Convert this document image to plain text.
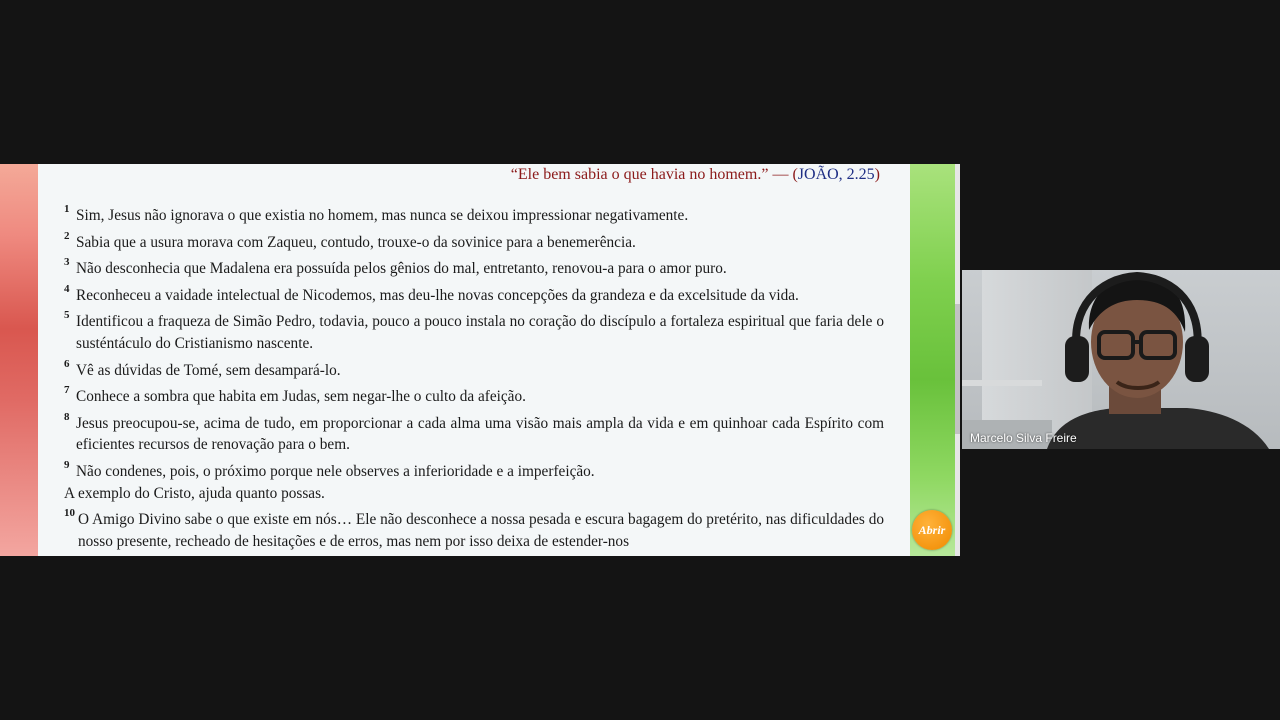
“Ele bem sabia o que havia no homem.” — (JOÃO, 2.25)
1 Sim, Jesus não ignorava o que existia no homem, mas nunca se deixou impressionar negativamente.
2 Sabia que a usura morava com Zaqueu, contudo, trouxe-o da sovinice para a benemerência.
3 Não desconhecia que Madalena era possuída pelos gênios do mal, entretanto, renovou-a para o amor puro.
4 Reconheceu a vaidade intelectual de Nicodemos, mas deu-lhe novas concepções da grandeza e da excelsitude da vida.
5 Identificou a fraqueza de Simão Pedro, todavia, pouco a pouco instala no coração do discípulo a fortaleza espiritual que faria dele o susténtáculo do Cristianismo nascente.
6 Vê as dúvidas de Tomé, sem desampará-lo.
7 Conhece a sombra que habita em Judas, sem negar-lhe o culto da afeição.
8 Jesus preocupou-se, acima de tudo, em proporcionar a cada alma uma visão mais ampla da vida e em quinhoar cada Espírito com eficientes recursos de renovação para o bem.
9 Não condenes, pois, o próximo porque nele observes a inferioridade e a imperfeição.
A exemplo do Cristo, ajuda quanto possas.
10 O Amigo Divino sabe o que existe em nós… Ele não desconhece a nossa pesada e escura bagagem do pretérito, nas dificuldades do nosso presente, recheado de hesitações e de erros, mas nem por isso deixa de estender-nos
Abrir
Marcelo Silva Freire
